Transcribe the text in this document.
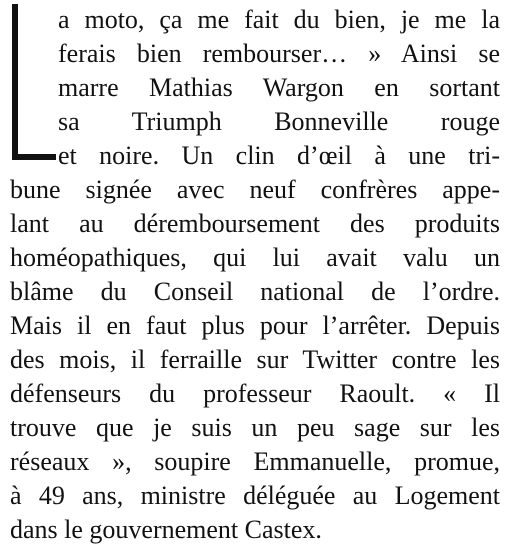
a moto, ça me fait du bien, je me la
ferais bien rembourser… » Ainsi se
marre Mathias Wargon en sortant
sa Triumph Bonneville rouge
et noire. Un clin d’œil à une tri-
bune signée avec neuf confrères appe-
lant au déremboursement des produits
homéopathiques, qui lui avait valu un
blâme du Conseil national de l’ordre.
Mais il en faut plus pour l’arrêter. Depuis
des mois, il ferraille sur Twitter contre les
défenseurs du professeur Raoult. « Il
trouve que je suis un peu sage sur les
réseaux », soupire Emmanuelle, promue,
à 49 ans, ministre déléguée au Logement
dans le gouvernement Castex.
